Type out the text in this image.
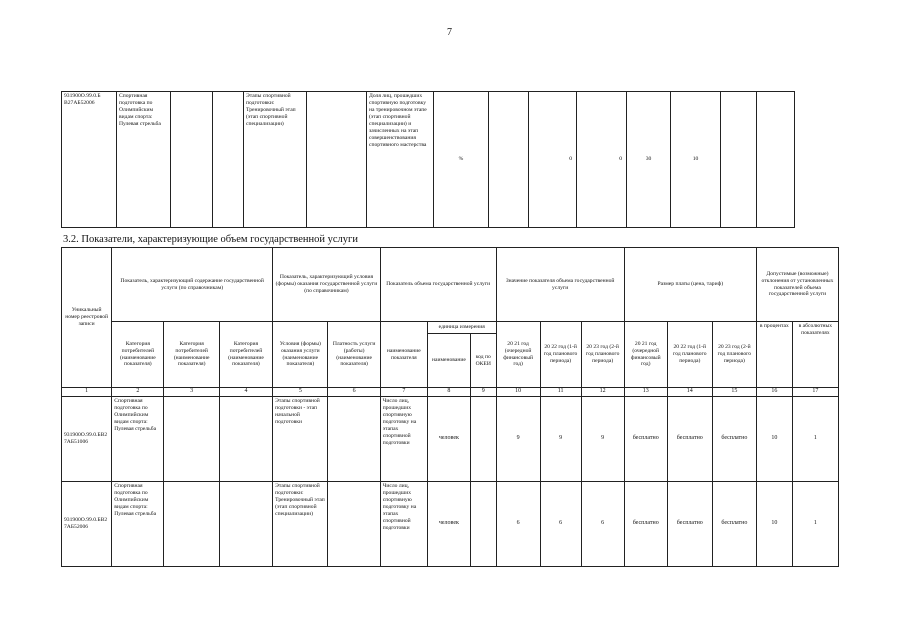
7
931900О.99.0.Б В27АБ52006	Спортивная подготовка по Олимпийским видам спорта: Пулевая стрельба			Этапы спортивной подготовки: Тренировочный этап (этап спортивной специализации)		Доля лиц, прошедших спортивную подготовку на тренировочном этапе (этап спортивной специализации) и зачисленных на этап совершенствования спортивного мастерства	%		0	0	30	10		
3.2. Показатели, характеризующие объем государственной услуги
Уникальный номер реестровой записи	Показатель, характеризующий содержание государственной услуги (по справочникам)			Показатель, характеризующий условия (формы) оказания государственной услуги (по справочникам)		Показатель объема государственной услуги			Значение показателя объема государственной услуги			Размер платы (цена, тариф)			Допустимые (возможные) отклонения от установленных показателей объема государственной услуги	
	Категория потребителей (наименование показателя)	Категория потребителей (наименование показателя)	Категория потребителей (наименование показателя)	Условия (формы) оказания услуги (наименование показателя)	Платность услуги (работы) (наименование показателя)	наименование показателя	единица измерения		20 21 год (очередной финансовый год)	20 22 год (1-й год планового периода)	20 23 год (2-й год планового периода)	20 21 год (очередной финансовый год)	20 22 год (1-й год планового периода)	20 23 год (2-й год планового периода)	в процентах	в абсолютных показателях
							наименование	код по ОКЕИ								
1	2	3	4	5	6	7	8	9	10	11	12	13	14	15	16	17
931900О.99.0.БВ27АБ51006	Спортивная подготовка по Олимпийским видам спорта: Пулевая стрельба			Этапы спортивной подготовки - этап начальной подготовки		Число лиц, прошедших спортивную подготовку на этапах спортивной подготовки	человек		9	9	9	бесплатно	бесплатно	бесплатно	10	1
931900О.99.0.БВ27АБ52006	Спортивная подготовка по Олимпийским видам спорта: Пулевая стрельба			Этапы спортивной подготовки: Тренировочный этап (этап спортивной специализации)		Число лиц, прошедших спортивную подготовку на этапах спортивной подготовки	человек		6	6	6	бесплатно	бесплатно	бесплатно	10	1
